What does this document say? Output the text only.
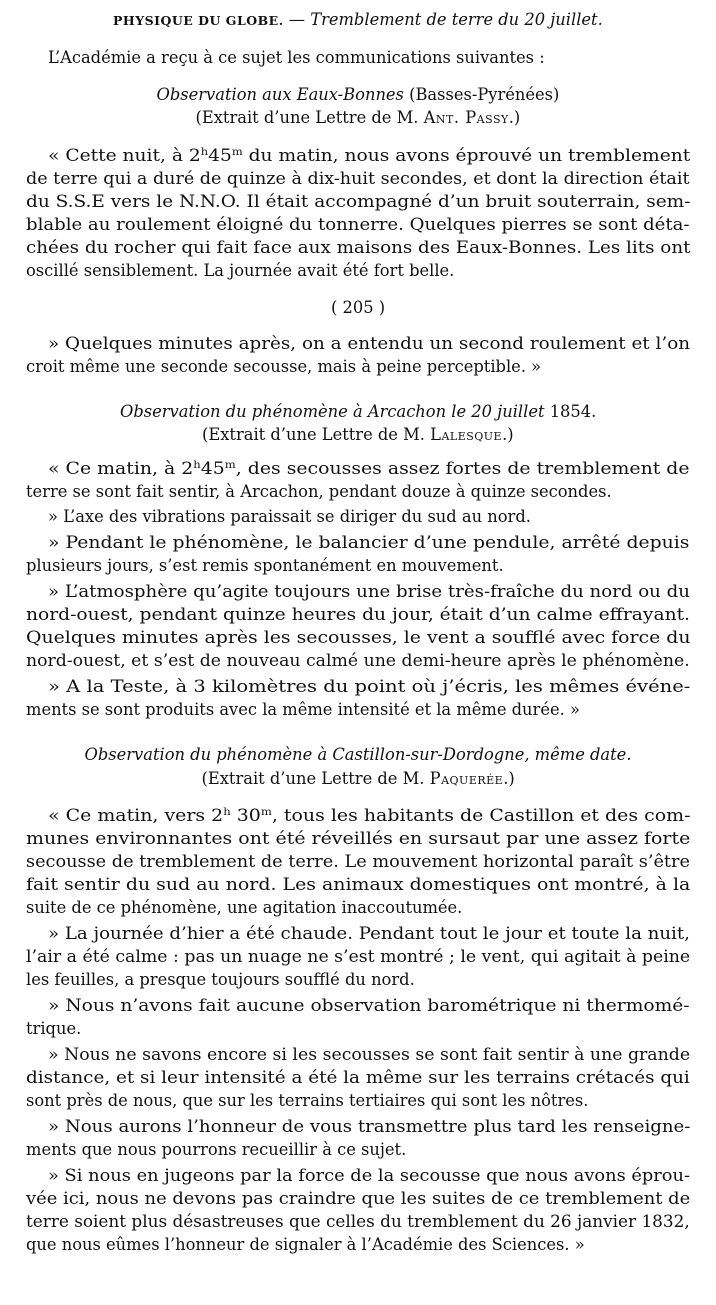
PHYSIQUE DU GLOBE. — Tremblement de terre du 20 juillet.
L’Académie a reçu à ce sujet les communications suivantes :
Observation aux Eaux-Bonnes (Basses-Pyrénées)
(Extrait d’une Lettre de M. Ant. Passy.)
« Cette nuit, à 2$^h$45$^m$ du matin, nous avons éprouvé un tremblement
de terre qui a duré de quinze à dix-huit secondes, et dont la direction était
du S.S.E vers le N.N.O. Il était accompagné d’un bruit souterrain, sem-
blable au roulement éloigné du tonnerre. Quelques pierres se sont déta-
chées du rocher qui fait face aux maisons des Eaux-Bonnes. Les lits ont
oscillé sensiblement. La journée avait été fort belle.
( 205 )
» Quelques minutes après, on a entendu un second roulement et l’on
croit même une seconde secousse, mais à peine perceptible. »
Observation du phénomène à Arcachon le 20 juillet 1854.
(Extrait d’une Lettre de M. Lalesque.)
« Ce matin, à 2$^h$45$^m$, des secousses assez fortes de tremblement de
terre se sont fait sentir, à Arcachon, pendant douze à quinze secondes.
» L’axe des vibrations paraissait se diriger du sud au nord.
» Pendant le phénomène, le balancier d’une pendule, arrêté depuis
plusieurs jours, s’est remis spontanément en mouvement.
» L’atmosphère qu’agite toujours une brise très-fraîche du nord ou du
nord-ouest, pendant quinze heures du jour, était d’un calme effrayant.
Quelques minutes après les secousses, le vent a soufflé avec force du
nord-ouest, et s’est de nouveau calmé une demi-heure après le phénomène.
» A la Teste, à 3 kilomètres du point où j’écris, les mêmes événe-
ments se sont produits avec la même intensité et la même durée. »
Observation du phénomène à Castillon-sur-Dordogne, même date.
(Extrait d’une Lettre de M. Paquerée.)
« Ce matin, vers 2$^h$ 30$^m$, tous les habitants de Castillon et des com-
munes environnantes ont été réveillés en sursaut par une assez forte
secousse de tremblement de terre. Le mouvement horizontal paraît s’être
fait sentir du sud au nord. Les animaux domestiques ont montré, à la
suite de ce phénomène, une agitation inaccoutumée.
» La journée d’hier a été chaude. Pendant tout le jour et toute la nuit,
l’air a été calme : pas un nuage ne s’est montré ; le vent, qui agitait à peine
les feuilles, a presque toujours soufflé du nord.
» Nous n’avons fait aucune observation barométrique ni thermomé-
trique.
» Nous ne savons encore si les secousses se sont fait sentir à une grande
distance, et si leur intensité a été la même sur les terrains crétacés qui
sont près de nous, que sur les terrains tertiaires qui sont les nôtres.
» Nous aurons l’honneur de vous transmettre plus tard les renseigne-
ments que nous pourrons recueillir à ce sujet.
» Si nous en jugeons par la force de la secousse que nous avons éprou-
vée ici, nous ne devons pas craindre que les suites de ce tremblement de
terre soient plus désastreuses que celles du tremblement du 26 janvier 1832,
que nous eûmes l’honneur de signaler à l’Académie des Sciences. »
